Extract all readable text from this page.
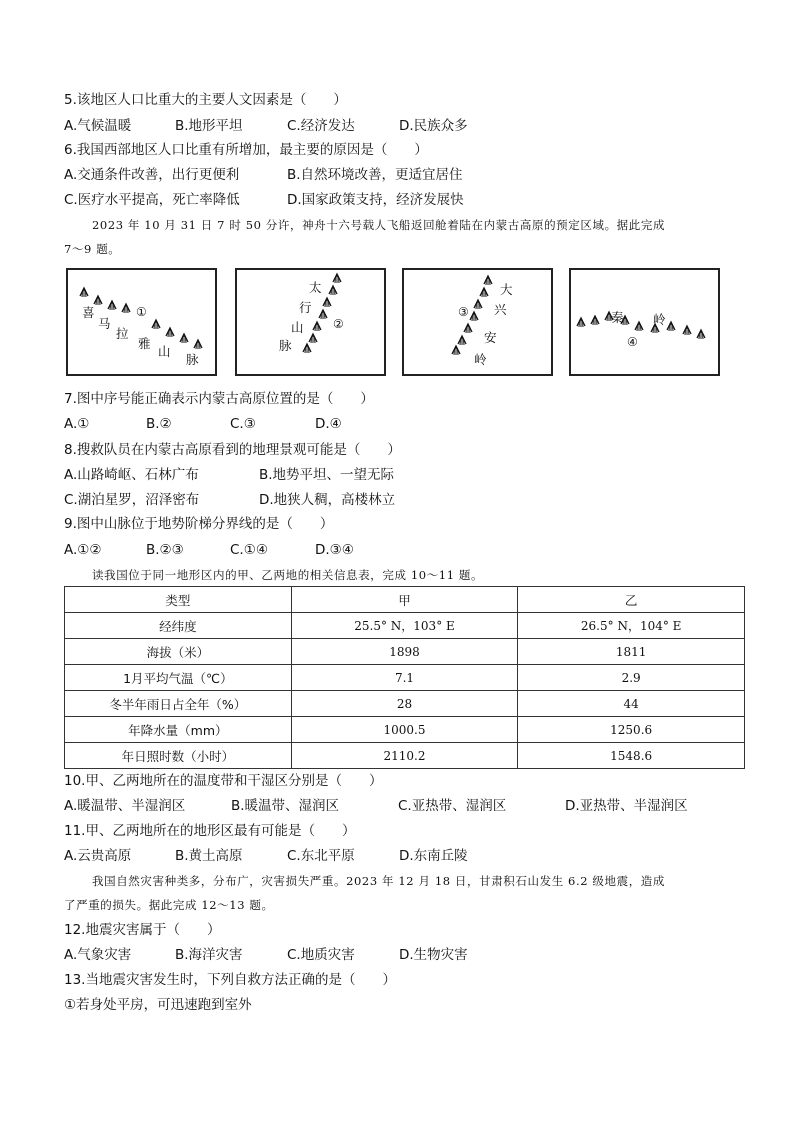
5.该地区人口比重大的主要人文因素是（　　）
A.气候温暖	B.地形平坦	C.经济发达	D.民族众多
6.我国西部地区人口比重有所增加，最主要的原因是（　　）
A.交通条件改善，出行更便利	B.自然环境改善，更适宜居住
C.医疗水平提高，死亡率降低	D.国家政策支持，经济发展快
2023 年 10 月 31 日 7 时 50 分许，神舟十六号载人飞船返回舱着陆在内蒙古高原的预定区域。据此完成
7～9 题。
喜
马
拉
①
雅
山
脉
太
行
山 ②
脉
大
兴
③
安
岭
秦 岭
④
7.图中序号能正确表示内蒙古高原位置的是（　　）
A.①	B.②	C.③	D.④
8.搜救队员在内蒙古高原看到的地理景观可能是（　　）
A.山路崎岖、石林广布	B.地势平坦、一望无际
C.湖泊星罗，沼泽密布	D.地狭人稠，高楼林立
9.图中山脉位于地势阶梯分界线的是（　　）
A.①②	B.②③	C.①④	D.③④
读我国位于同一地形区内的甲、乙两地的相关信息表，完成 10～11 题。
类型	甲	乙
经纬度	25.5° N，103° E	26.5° N，104° E
海拔（米）	1898	1811
1月平均气温（℃）	7.1	2.9
冬半年雨日占全年（%）	28	44
年降水量（mm）	1000.5	1250.6
年日照时数（小时）	2110.2	1548.6
10.甲、乙两地所在的温度带和干湿区分别是（　　）
A.暖温带、半湿润区	B.暖温带、湿润区	C.亚热带、湿润区	D.亚热带、半湿润区
11.甲、乙两地所在的地形区最有可能是（　　）
A.云贵高原	B.黄土高原	C.东北平原	D.东南丘陵
我国自然灾害种类多，分布广，灾害损失严重。2023 年 12 月 18 日，甘肃积石山发生 6.2 级地震，造成
了严重的损失。据此完成 12～13 题。
12.地震灾害属于（　　）
A.气象灾害	B.海洋灾害	C.地质灾害	D.生物灾害
13.当地震灾害发生时，下列自救方法正确的是（　　）
①若身处平房，可迅速跑到室外
